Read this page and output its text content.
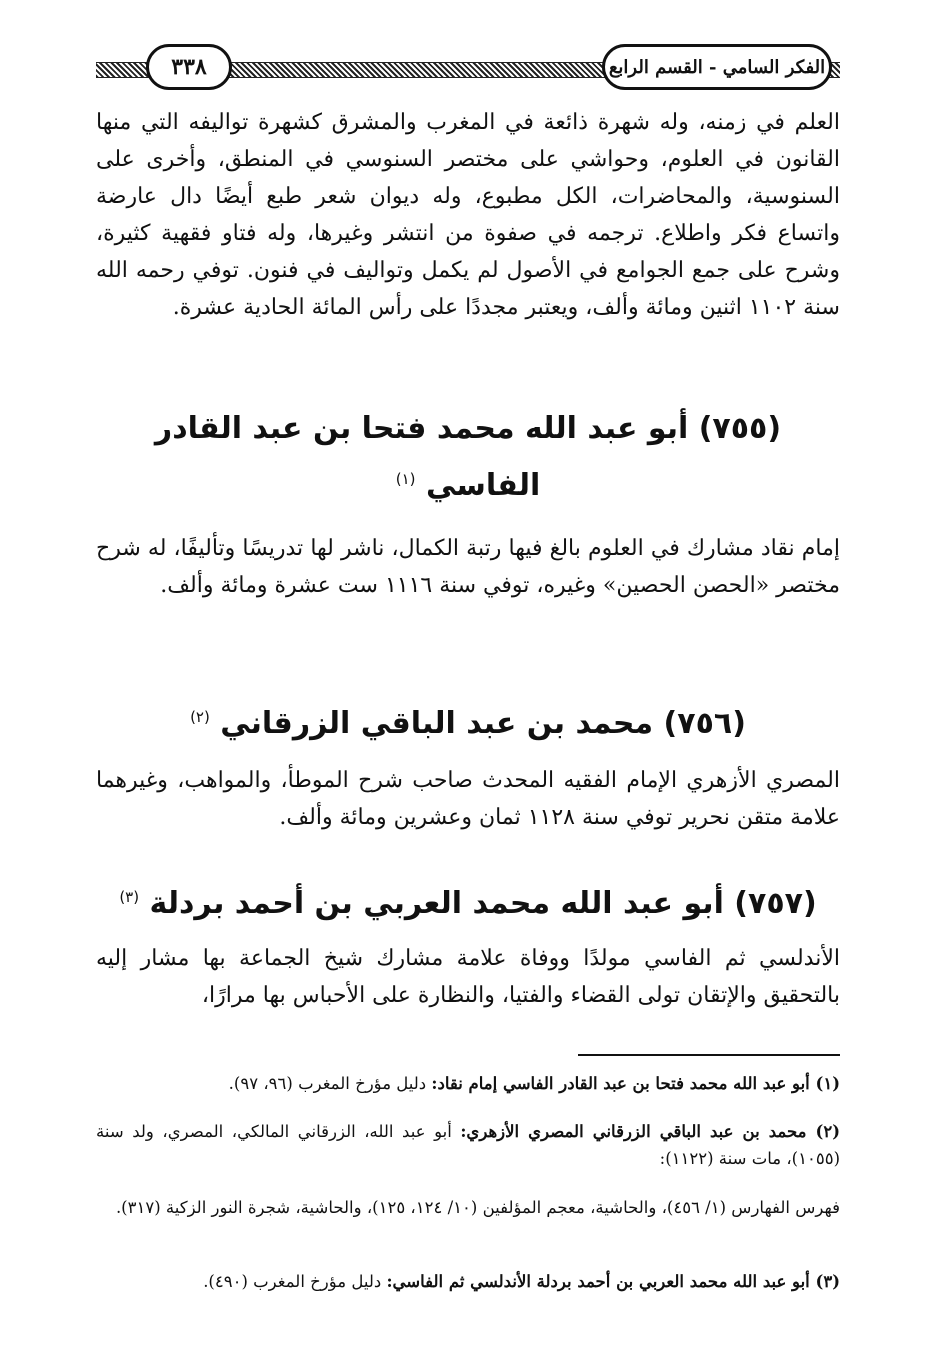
الفكر السامي - القسم الرابع
٣٣٨
العلم في زمنه، وله شهرة ذائعة في المغرب والمشرق كشهرة تواليفه التي منها القانون في العلوم، وحواشي على مختصر السنوسي في المنطق، وأخرى على السنوسية، والمحاضرات، الكل مطبوع، وله ديوان شعر طبع أيضًا دال عارضة واتساع فكر واطلاع. ترجمه في صفوة من انتشر وغيرها، وله فتاو فقهية كثيرة، وشرح على جمع الجوامع في الأصول لم يكمل وتواليف في فنون. توفي رحمه الله سنة ١١٠٢ اثنين ومائة وألف، ويعتبر مجددًا على رأس المائة الحادية عشرة.
(٧٥٥) أبو عبد الله محمد فتحا بن عبد القادر الفاسي $^{(١)}$
إمام نقاد مشارك في العلوم بالغ فيها رتبة الكمال، ناشر لها تدريسًا وتأليفًا، له شرح مختصر «الحصن الحصين» وغيره، توفي سنة ١١١٦ ست عشرة ومائة وألف.
(٧٥٦) محمد بن عبد الباقي الزرقاني $^{(٢)}$
المصري الأزهري الإمام الفقيه المحدث صاحب شرح الموطأ، والمواهب، وغيرهما علامة متقن نحرير توفي سنة ١١٢٨ ثمان وعشرين ومائة وألف.
(٧٥٧) أبو عبد الله محمد العربي بن أحمد بردلة $^{(٣)}$
الأندلسي ثم الفاسي مولدًا ووفاة علامة مشارك شيخ الجماعة بها مشار إليه بالتحقيق والإتقان تولى القضاء والفتيا، والنظارة على الأحباس بها مرارًا،
(١) أبو عبد الله محمد فتحا بن عبد القادر الفاسي إمام نقاد: دليل مؤرخ المغرب (٩٦، ٩٧).
(٢) محمد بن عبد الباقي الزرقاني المصري الأزهري: أبو عبد الله، الزرقاني المالكي، المصري، ولد سنة (١٠٥٥)، مات سنة (١١٢٢):
فهرس الفهارس (١/ ٤٥٦)، والحاشية، معجم المؤلفين (١٠/ ١٢٤، ١٢٥)، والحاشية، شجرة النور الزكية (٣١٧).
(٣) أبو عبد الله محمد العربي بن أحمد بردلة الأندلسي ثم الفاسي: دليل مؤرخ المغرب (٤٩٠).
